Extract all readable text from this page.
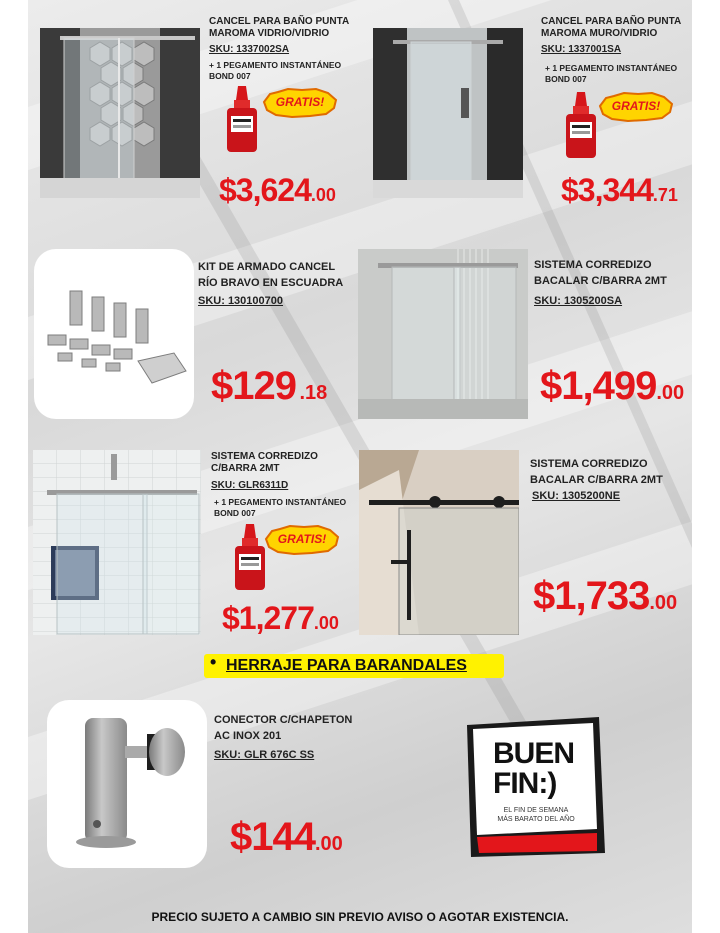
CANCEL PARA BAÑO PUNTA MAROMA VIDRIO/VIDRIO
SKU: 1337002SA
+ 1 PEGAMENTO INSTANTÁNEO BOND 007
GRATIS!
$3,624.00
CANCEL PARA BAÑO PUNTA MAROMA MURO/VIDRIO
SKU: 1337001SA
+ 1 PEGAMENTO INSTANTÁNEO BOND 007
GRATIS!
$3,344.71
KIT DE ARMADO CANCEL RÍO BRAVO EN ESCUADRA
SKU: 130100700
$129 .18
SISTEMA CORREDIZO BACALAR C/BARRA 2MT
SKU: 1305200SA
$1,499.00
SISTEMA CORREDIZO C/BARRA 2MT
SKU: GLR6311D
+ 1 PEGAMENTO INSTANTÁNEO BOND 007
GRATIS!
$1,277.00
SISTEMA CORREDIZO BACALAR C/BARRA 2MT
SKU: 1305200NE
$1,733.00
• HERRAJE PARA BARANDALES
CONECTOR C/CHAPETON AC INOX 201
SKU: GLR 676C SS
$144.00
BUEN
FIN:)
EL FIN DE SEMANA
MÁS BARATO DEL AÑO
PRECIO SUJETO A CAMBIO SIN PREVIO AVISO O AGOTAR EXISTENCIA.
